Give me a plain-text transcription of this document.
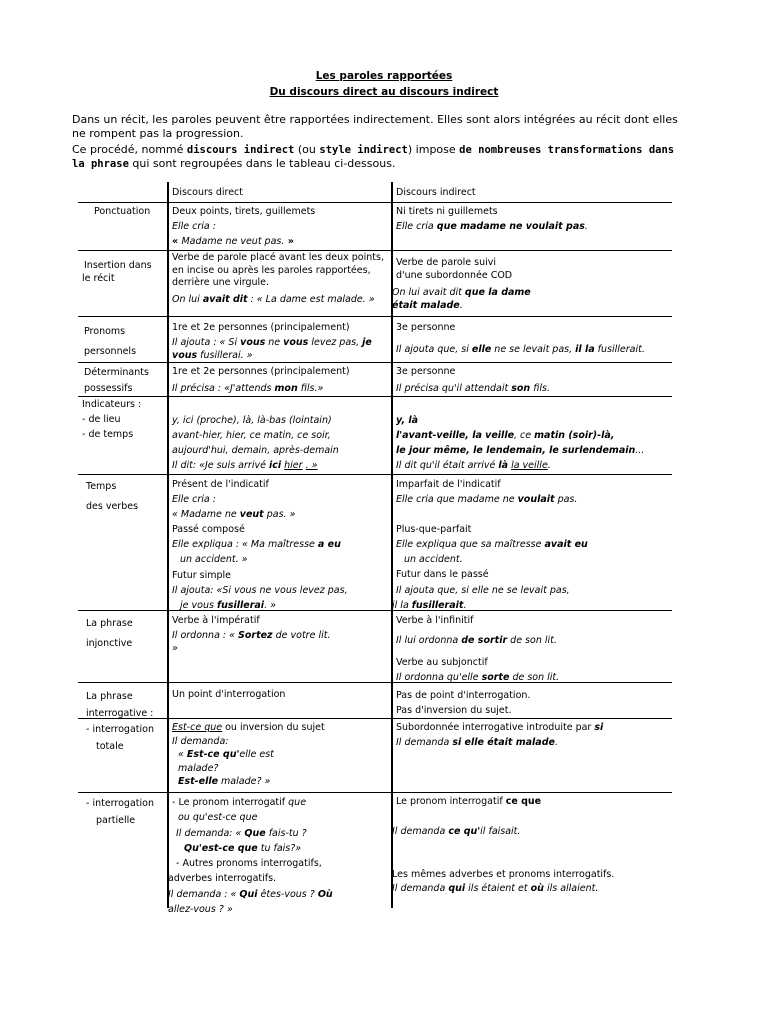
Les paroles rapportées
Du discours direct au discours indirect
Dans un récit, les paroles peuvent être rapportées indirectement. Elles sont alors intégrées au récit dont elles ne rompent pas la progression.
Ce procédé, nommé discours indirect (ou style indirect) impose de nombreuses transformations dans la phrase qui sont regroupées dans le tableau ci-dessous.
Discours direct	Discours indirect
Ponctuation Deux points, tirets, guillemets
Elle cria :
« Madame ne veut pas. »
Ni tirets ni guillemets
Elle cria que madame ne voulait pas.
Insertion dans
le récit
Verbe de parole placé avant les deux points,
en incise ou après les paroles rapportées,
derrière une virgule.
On lui avait dit : « La dame est malade. »
Verbe de parole suivi
d'une subordonnée COD
On lui avait dit que la dame
était malade.
Pronoms
personnels
1re et 2e personnes (principalement)
Il ajouta : « Si vous ne vous levez pas, je
vous fusillerai. »
3e personne
Il ajouta que, si elle ne se levait pas, il la fusillerait.
Déterminants
possessifs
1re et 2e personnes (principalement)
Il précisa : «J'attends mon fils.»
3e personne
Il précisa qu'il attendait son fils.
Indicateurs :
- de lieu
- de temps
y, ici (proche), là, là-bas (lointain)
avant-hier, hier, ce matin, ce soir,
aujourd'hui, demain, après-demain
Il dit: «Je suis arrivé ici hier . »
y, là
l'avant-veille, la veille, ce matin (soir)-là,
le jour même, le lendemain, le surlendemain...
Il dit qu'il était arrivé là la veille.
Temps
des verbes
Présent de l'indicatif
Elle cria :
« Madame ne veut pas. »
Passé composé
Elle expliqua : « Ma maîtresse a eu
un accident. »
Futur simple
Il ajouta: «Si vous ne vous levez pas,
je vous fusillerai. »
Imparfait de l'indicatif
Elle cria que madame ne voulait pas.
Plus-que-parfait
Elle expliqua que sa maîtresse avait eu
un accident.
Futur dans le passé
Il ajouta que, si elle ne se levait pas,
il la fusillerait.
La phrase
injonctive
Verbe à l'impératif
Il ordonna : « Sortez de votre lit.
»
Verbe à l'infinitif
Il lui ordonna de sortir de son lit.
Verbe au subjonctif
Il ordonna qu'elle sorte de son lit.
La phrase
interrogative :
Un point d'interrogation	Pas de point d'interrogation.
Pas d'inversion du sujet.
- interrogation
totale
Est-ce que ou inversion du sujet
Il demanda:
« Est-ce qu'elle est
malade?
Est-elle malade? »
Subordonnée interrogative introduite par si
Il demanda si elle était malade.
- interrogation
partielle
- Le pronom interrogatif que
ou qu'est-ce que
Il demanda: « Que fais-tu ?
Qu'est-ce que tu fais?»
- Autres pronoms interrogatifs,
adverbes interrogatifs.
Il demanda : « Qui êtes-vous ? Où
allez-vous ? »
Le pronom interrogatif ce que
Il demanda ce qu'il faisait.
Les mêmes adverbes et pronoms interrogatifs.
Il demanda qui ils étaient et où ils allaient.
